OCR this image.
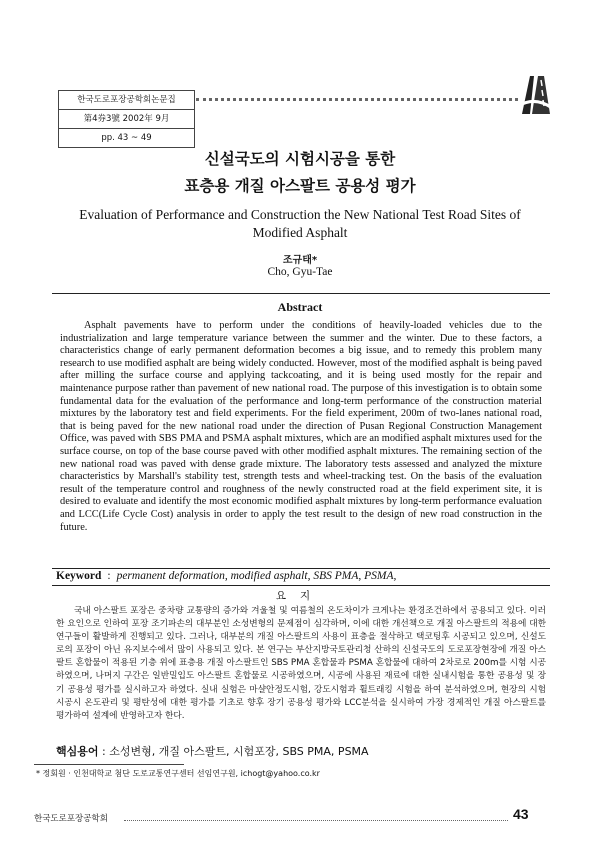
한국도로포장공학회논문집
第4券3號 2002年 9月
pp. 43 ~ 49
신설국도의 시험시공을 통한
표층용 개질 아스팔트 공용성 평가
Evaluation of Performance and Construction the New National Test Road Sites of Modified Asphalt
조규태*
Cho, Gyu-Tae
Abstract

Asphalt pavements have to perform under the conditions of heavily-loaded vehicles due to the industrialization and large temperature variance between the summer and the winter. Due to these factors, a characteristics change of early permanent deformation becomes a big issue, and to remedy this problem many research to use modified asphalt are being widely conducted. However, most of the modified asphalt is being paved after milling the surface course and applying tackcoating, and it is being used mostly for the repair and maintenance purpose rather than pavement of new national road. The purpose of this investigation is to obtain some fundamental data for the evaluation of the performance and long-term performance of the construction material mixtures by the laboratory test and field experiments. For the field experiment, 200m of two-lanes national road, that is being paved for the new national road under the direction of Pusan Regional Construction Management Office, was paved with SBS PMA and PSMA asphalt mixtures, which are an modified asphalt mixtures used for the surface course, on top of the base course paved with other modified asphalt mixtures. The remaining section of the new national road was paved with dense grade mixture. The laboratory tests assessed and analyzed the mixture characteristics by Marshall's stability test, strength tests and wheel-tracking test. On the basis of the evaluation result of the temperature control and roughness of the newly constructed road at the field experiment site, it is desired to evaluate and identify the most economic modified asphalt mixtures by long-term performance evaluation and LCC(Life Cycle Cost) analysis in order to apply the test result to the design of new road construction in the future.

Keyword : permanent deformation, modified asphalt, SBS PMA, PSMA,
요지

국내 아스팔트 포장은 중차량 교통량의 증가와 겨울철 및 여름철의 온도차이가 크게나는 환경조건하에서 공용되고 있다. 이러한 요인으로 인하여 포장 조기파손의 대부분인 소성변형의 문제점이 심각하며, 이에 대한 개선책으로 개질 아스팔트의 적용에 대한 연구들이 활발하게 진행되고 있다. 그러나, 대부분의 개질 아스팔트의 사용이 표층을 절삭하고 택코팅후 시공되고 있으며, 신설도로의 포장이 아닌 유지보수에서 많이 사용되고 있다. 본 연구는 부산지방국토관리청 산하의 신설국도의 도로포장현장에 개질 아스팔트 혼합물이 적용된 기층 위에 표층용 개질 아스팔트인 SBS PMA 혼합물과 PSMA 혼합물에 대하여 2차로로 200m를 시험 시공하였으며, 나머지 구간은 일반밀입도 아스팔트 혼합물로 시공하였으며, 시공에 사용된 재료에 대한 실내시험을 통한 공용성 및 장기 공용성 평가를 실시하고자 하였다. 실내 실험은 마샬안정도시험, 강도시험과 휠트래킹 시험을 하여 분석하였으며, 현장의 시험 시공시 온도관리 및 평탄성에 대한 평가를 기초로 향후 장기 공용성 평가와 LCC분석을 실시하여 가장 경제적인 개질 아스팔트를 평가하여 설계에 반영하고자 한다.

핵심용어 : 소성변형, 개질 아스팔트, 시험포장, SBS PMA, PSMA
* 정회원 · 인천대학교 첨단 도로교통연구센터 선임연구원, ichogt@yahoo.co.kr
한국도로포장공학회	43
